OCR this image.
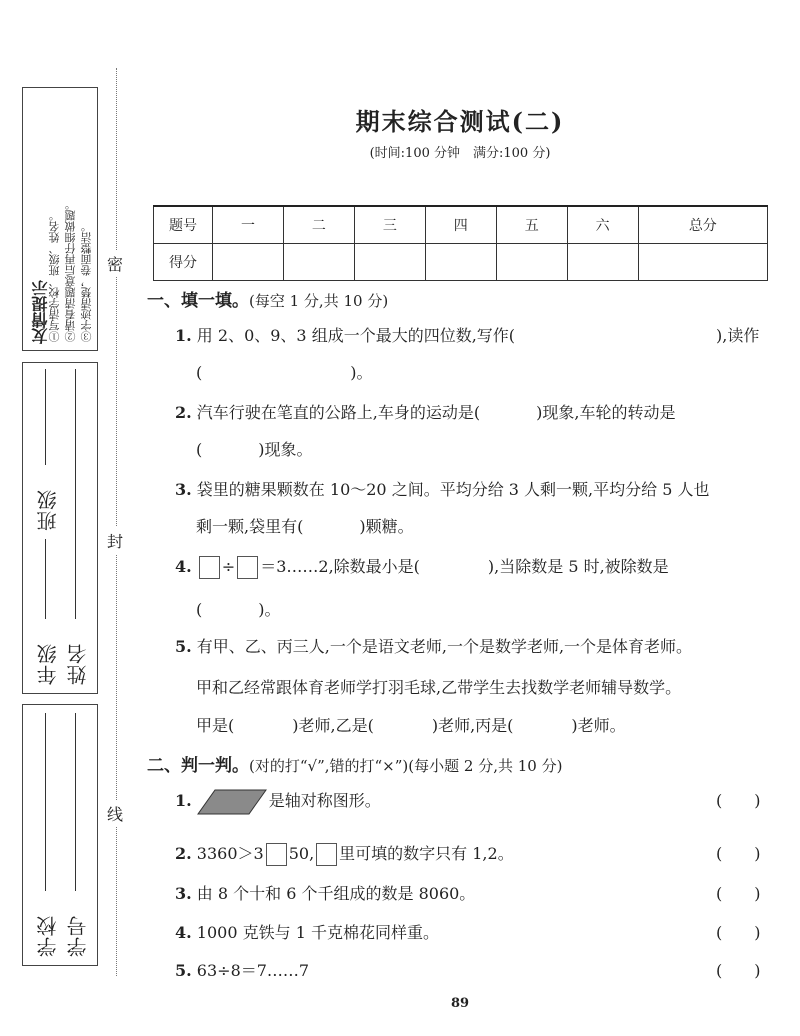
友情提示
①写清学校、班级、姓名。 ②请看清题意后再仔细做题。 ③字迹清楚，卷面整洁。
班级
年级 姓名
学校 学号
密
封
线
期末综合测试(二)
(时间:100 分钟　满分:100 分)
题号	一	二	三	四	五	六	总分
得分							
一、填一填。(每空 1 分,共 10 分)
1. 用 2、0、9、3 组成一个最大的四位数,写作(	),读作
(	)。
2. 汽车行驶在笔直的公路上,车身的运动是(	)现象,车轮的转动是
(	)现象。
3. 袋里的糖果颗数在 10～20 之间。平均分给 3 人剩一颗,平均分给 5 人也
剩一颗,袋里有(	)颗糖。
4. ÷ ＝3……2,除数最小是(	),当除数是 5 时,被除数是
(	)。
5. 有甲、乙、丙三人,一个是语文老师,一个是数学老师,一个是体育老师。
甲和乙经常跟体育老师学打羽毛球,乙带学生去找数学老师辅导数学。
甲是(	)老师,乙是(	)老师,丙是(	)老师。
二、判一判。(对的打“√”,错的打“×”)(每小题 2 分,共 10 分)
1.	是轴对称图形。	(　　)
2. 3360＞3 50, 里可填的数字只有 1,2。	(　　)
3. 由 8 个十和 6 个千组成的数是 8060。	(　　)
4. 1000 克铁与 1 千克棉花同样重。	(　　)
5. 63÷8＝7……7	(　　)
89
